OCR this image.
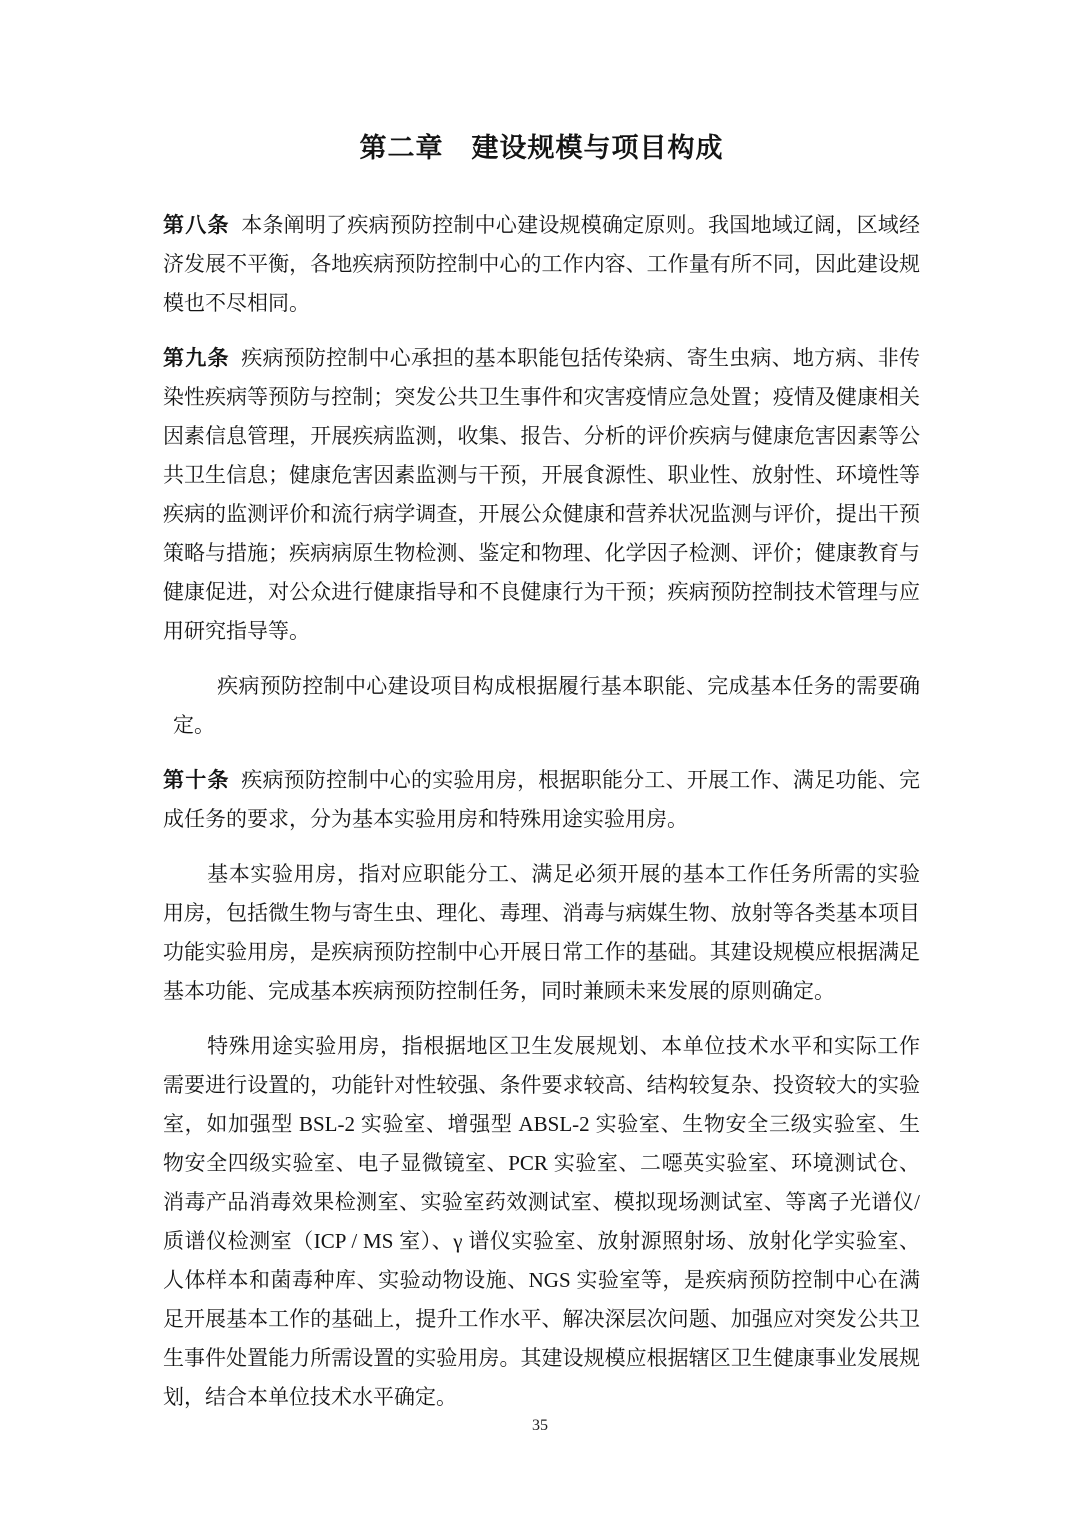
第二章　建设规模与项目构成

第八条 本条阐明了疾病预防控制中心建设规模确定原则。我国地域辽阔，区域经济发展不平衡，各地疾病预防控制中心的工作内容、工作量有所不同，因此建设规模也不尽相同。

第九条 疾病预防控制中心承担的基本职能包括传染病、寄生虫病、地方病、非传染性疾病等预防与控制；突发公共卫生事件和灾害疫情应急处置；疫情及健康相关因素信息管理，开展疾病监测，收集、报告、分析的评价疾病与健康危害因素等公共卫生信息；健康危害因素监测与干预，开展食源性、职业性、放射性、环境性等疾病的监测评价和流行病学调查，开展公众健康和营养状况监测与评价，提出干预策略与措施；疾病病原生物检测、鉴定和物理、化学因子检测、评价；健康教育与健康促进，对公众进行健康指导和不良健康行为干预；疾病预防控制技术管理与应用研究指导等。

疾病预防控制中心建设项目构成根据履行基本职能、完成基本任务的需要确定。

第十条 疾病预防控制中心的实验用房，根据职能分工、开展工作、满足功能、完成任务的要求，分为基本实验用房和特殊用途实验用房。

基本实验用房，指对应职能分工、满足必须开展的基本工作任务所需的实验用房，包括微生物与寄生虫、理化、毒理、消毒与病媒生物、放射等各类基本项目功能实验用房，是疾病预防控制中心开展日常工作的基础。其建设规模应根据满足基本功能、完成基本疾病预防控制任务，同时兼顾未来发展的原则确定。

特殊用途实验用房，指根据地区卫生发展规划、本单位技术水平和实际工作需要进行设置的，功能针对性较强、条件要求较高、结构较复杂、投资较大的实验室，如加强型 BSL-2 实验室、增强型 ABSL-2 实验室、生物安全三级实验室、生物安全四级实验室、电子显微镜室、PCR 实验室、二噁英实验室、环境测试仓、消毒产品消毒效果检测室、实验室药效测试室、模拟现场测试室、等离子光谱仪/质谱仪检测室（ICP / MS 室）、γ 谱仪实验室、放射源照射场、放射化学实验室、人体样本和菌毒种库、实验动物设施、NGS 实验室等，是疾病预防控制中心在满足开展基本工作的基础上，提升工作水平、解决深层次问题、加强应对突发公共卫生事件处置能力所需设置的实验用房。其建设规模应根据辖区卫生健康事业发展规划，结合本单位技术水平确定。

35
